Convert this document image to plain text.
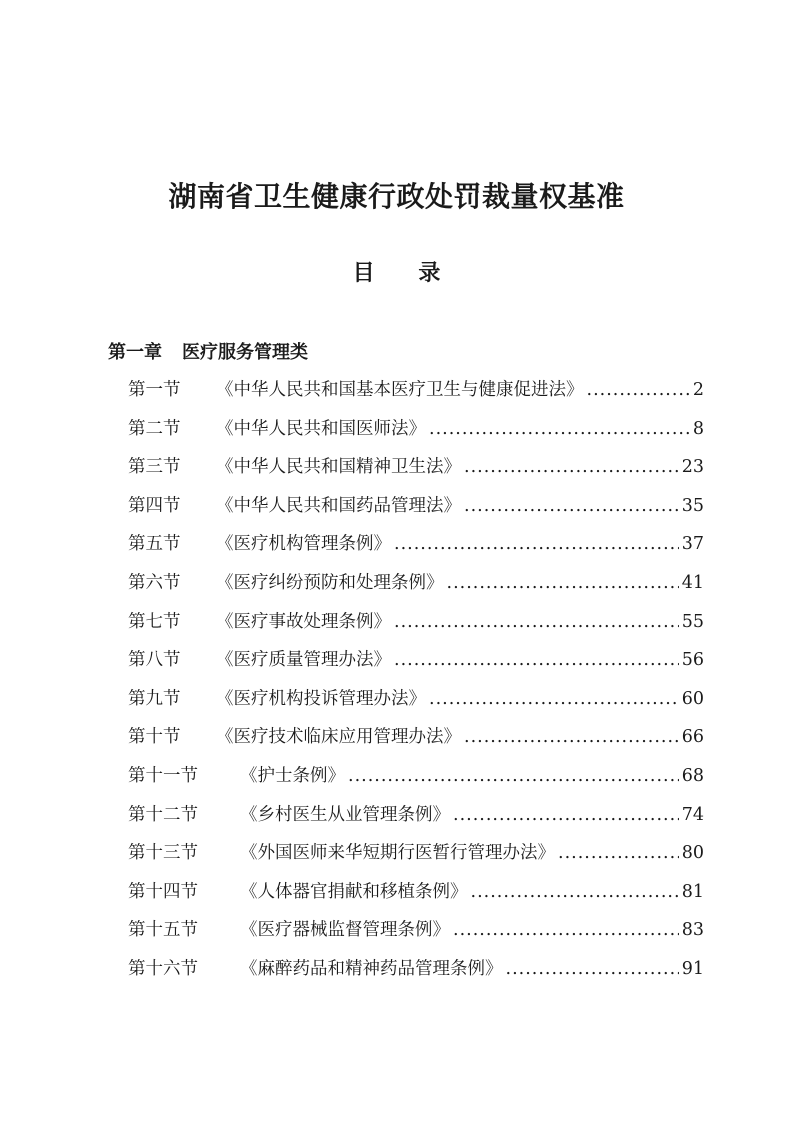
湖南省卫生健康行政处罚裁量权基准
目 录
第一章 医疗服务管理类
第一节	《中华人民共和国基本医疗卫生与健康促进法》 .....	2
第二节	《中华人民共和国医师法》 .....	8
第三节	《中华人民共和国精神卫生法》 .....	23
第四节	《中华人民共和国药品管理法》 .....	35
第五节	《医疗机构管理条例》 .....	37
第六节	《医疗纠纷预防和处理条例》 .....	41
第七节	《医疗事故处理条例》 .....	55
第八节	《医疗质量管理办法》 .....	56
第九节	《医疗机构投诉管理办法》 .....	60
第十节	《医疗技术临床应用管理办法》 .....	66
第十一节	《护士条例》 .....	68
第十二节	《乡村医生从业管理条例》 .....	74
第十三节	《外国医师来华短期行医暂行管理办法》 .....	80
第十四节	《人体器官捐献和移植条例》 .....	81
第十五节	《医疗器械监督管理条例》 .....	83
第十六节	《麻醉药品和精神药品管理条例》 .....	91
